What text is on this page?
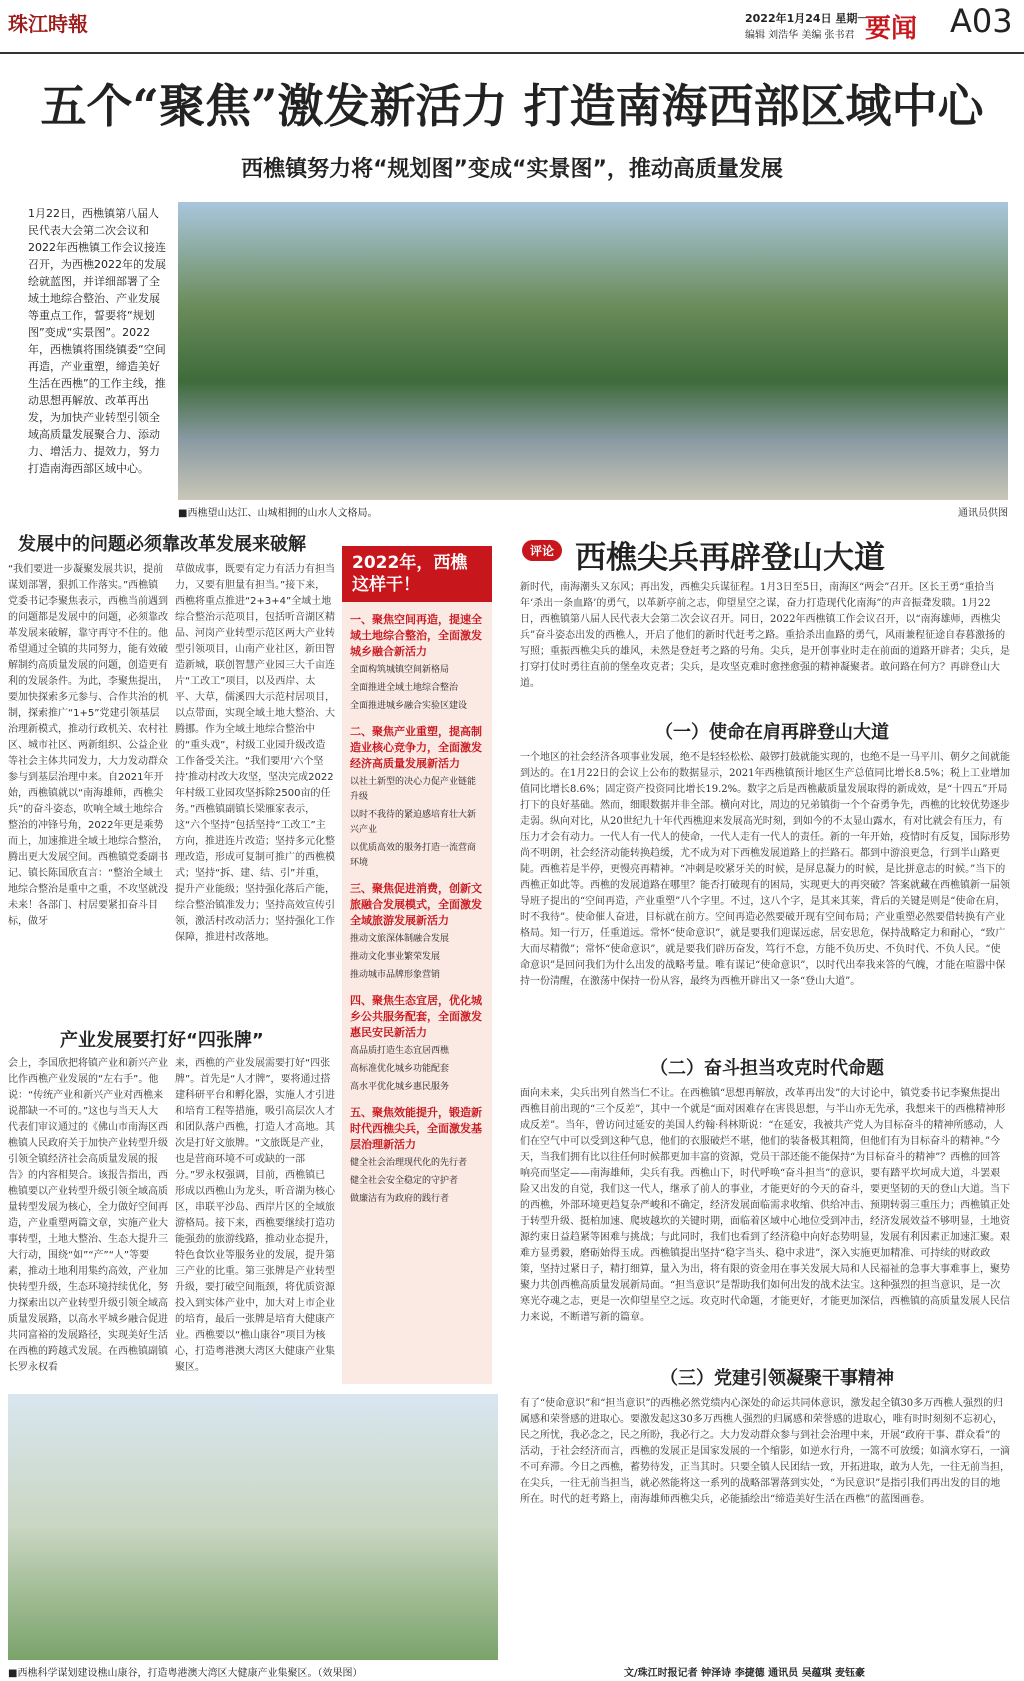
珠江時報	2022年1月24日 星期一
编辑 刘浩华 美编 张书君 要闻 A03
五个“聚焦”激发新活力 打造南海西部区域中心
西樵镇努力将“规划图”变成“实景图”，推动高质量发展
1月22日，西樵镇第八届人民代表大会第二次会议和2022年西樵镇工作会议接连召开，为西樵2022年的发展绘就蓝图，并详细部署了全域土地综合整治、产业发展等重点工作，誓要将“规划图”变成“实景图”。2022年，西樵镇将围绕镇委“空间再造，产业重塑，缔造美好生活在西樵”的工作主线，推动思想再解放、改革再出发，为加快产业转型引领全域高质量发展聚合力、添动力、增活力、提效力，努力打造南海西部区域中心。
■西樵望山达江、山城相拥的山水人文格局。	通讯员供图
发展中的问题必须靠改革发展来破解
“我们要进一步凝聚发展共识，提前谋划部署，狠抓工作落实。”西樵镇党委书记李聚焦表示，西樵当前遇到的问题都是发展中的问题，必须靠改革发展来破解，靠守再守不住的。他希望通过全镇的共同努力，能有效破解制约高质量发展的问题，创造更有利的发展条件。为此，李聚焦提出，要加快探索多元参与、合作共治的机制，探索推广“1+5”党建引领基层治理新模式，推动行政机关、农村社区、城市社区、两新组织、公益企业等社会主体共同发力，大力发动群众参与到基层治理中来。自2021年开始，西樵镇就以“南海雄师，西樵尖兵”的奋斗姿态，吹响全域土地综合整治的冲锋号角，2022年更是乘势而上，加速推进全域土地综合整治，腾出更大发展空间。西樵镇党委副书记、镇长陈国欣直言：“整治全域土地综合整治是重中之重，不攻坚就没未来！各部门、村居要紧扣奋斗目标，做牙
草做成事，既要有定力有活力有担当力，又要有胆量有担当。”接下来，西樵将重点推进“2+3+4”全域土地综合整治示范项目，包括听音湖区精品、河岗产业转型示范区两大产业转型引领项目，山南产业社区，新田智造新城，联创智慧产业园三大千亩连片“工改工”项目，以及西岸、太平、大草，儒溪四大示范村居项目，以点带面，实现全域土地大整治、大腾挪。作为全域土地综合整治中的“重头戏”，村级工业园升级改造工作备受关注。“我们要用‘六个坚持’推动村改大攻坚，坚决完成2022年村级工业园攻坚拆除2500亩的任务。”西樵镇副镇长梁雁家表示，这“六个坚持”包括坚持“工改工”主方向，推进连片改造；坚持多元化整理改造，形成可复制可推广的西樵模式；坚持“拆、建、结、引”并重，提升产业能级；坚持强化落后产能，综合整治镇准发力；坚持高效宣传引领，激活村改动活力；坚持强化工作保障，推进村改落地。
产业发展要打好“四张牌”
会上，李国欣把将镇产业和新兴产业比作西樵产业发展的“左右手”。他说：“传统产业和新兴产业对西樵来说都缺一不可的。”这也与当天人大代表们审议通过的《佛山市南海区西樵镇人民政府关于加快产业转型升级引领全镇经济社会高质量发展的报告》的内容相契合。该报告指出，西樵镇要以产业转型升级引领全域高质量转型发展为核心，全力做好空间再造，产业重塑两篇文章，实施产业大事转型，土地大整治、生态大提升三大行动，围绕“如”“产”“人”等要素，推动土地利用集约高效，产业加快转型升级，生态环境持续优化，努力探索出以产业转型升级引领全域高质量发展路，以高水平城乡融合促进共同富裕的发展路径，实现美好生活在西樵的跨越式发展。在西樵镇副镇长罗永权看
来，西樵的产业发展需要打好“四张牌”。首先是“人才牌”，要将通过搭建科研平台和孵化器，实施人才引进和培育工程等措施，吸引高层次人才和团队落户西樵，打造人才高地。其次是打好文旅牌。“文旅既是产业，也是营商环境不可或缺的一部分。”罗永权强调，目前，西樵镇已形成以西樵山为龙头，听音湖为核心区，串联平沙岛、西岸片区的全域旅游格局。接下来，西樵要继续打造功能强劲的旅游线路，推动业态提升，特色食饮业等服务业的发展，提升第三产业的比重。第三张牌是产业转型升级，要打破空间瓶颈，将优质资源投入到实体产业中，加大对上市企业的培育，最后一张牌是培育大健康产业。西樵要以“樵山康谷”项目为核心，打造粤港澳大湾区大健康产业集聚区。
2022年，西樵这样干！
一、聚焦空间再造，提速全域土地综合整治，全面激发城乡融合新活力
全面构筑城镇空间新格局
全面推进全域土地综合整治
全面推进城乡融合实验区建设
二、聚焦产业重塑，提高制造业核心竞争力，全面激发经济高质量发展新活力
以社土新型的决心力促产业链能升级
以时不我待的紧迫感培育壮大新兴产业
以优质高效的服务打造一流营商环境
三、聚焦促进消费，创新文旅融合发展模式，全面激发全域旅游发展新活力
推动文旅深体制融合发展
推动文化事业繁荣发展
推动城市品牌形象营销
四、聚焦生态宜居，优化城乡公共服务配套，全面激发惠民安民新活力
高品质打造生态宜居西樵
高标准优化城乡功能配套
高水平优化城乡惠民服务
五、聚焦效能提升，锻造新时代西樵尖兵，全面激发基层治理新活力
健全社会治理现代化的先行者
健全社会安全稳定的守护者
做廉洁有为政府的践行者
评论 西樵尖兵再辟登山大道
新时代，南海潮头又东风；再出发，西樵尖兵谋征程。1月3日至5日，南海区“两会”召开。区长王勇“重拾当年‘杀出一条血路’的勇气，以革新亭前之志，仰望星空之谋，奋力打造现代化南海”的声音振聋发聩。1月22日，西樵镇第八届人民代表大会第二次会议召开。同日，2022年西樵镇工作会议召开，以“南海雄师，西樵尖兵”奋斗姿态出发的西樵人，开启了他们的新时代赶考之路。重拾杀出血路的勇气，风雨兼程征途自春暮激扬的写照；重振西樵尖兵的雄风，未然是登赶考之路的号角。尖兵，是开创事业时走在前面的道路开辟者；尖兵，是打穿打仗时勇往直前的堡垒攻克者；尖兵，是攻坚克难时愈挫愈强的精神凝聚者。敢问路在何方？再辟登山大道。
（一）使命在肩再辟登山大道
一个地区的社会经济各项事业发展，绝不是轻轻松松、敲锣打鼓就能实现的，也绝不是一马平川、朝夕之间就能到达的。在1月22日的会议上公布的数据显示，2021年西樵镇预计地区生产总值同比增长8.5%；税上工业增加值同比增长8.6%；固定资产投资同比增长19.2%。数字之后是西樵蔽质量发展取得的新成效，是“十四五”开局打下的良好基础。然而，细眼数据并非全部。横向对比，周边的兄弟镇街一个个奋勇争先，西樵的比较优势逐步走弱。纵向对比，从20世纪九十年代西樵迎来发展高光时刻，到如今的不太显山露水，有对比就会有压力，有压力才会有动力。一代人有一代人的使命，一代人走有一代人的责任。新的一年开始，疫情时有反复，国际形势尚不明朗，社会经济动能转换趋缓，尤不成为对下西樵发展道路上的拦路石。都到中游浪更急，行到半山路更陡。西樵若是半停，更慢亮再精神。“冲刺是咬紧牙关的时候，是屏息凝力的时候，是比拼意志的时候。”当下的西樵正如此等。西樵的发展道路在哪里？能否打破现有的困局，实现更大的再突破？答案就藏在西樵镇新一届领导班子提出的“空间再造，产业重塑”八个字里。不过，这八个字，是其来其莱，背后的关键是则是“使命在肩，时不我待”。使命催人奋进，目标就在前方。空间再造必然要破开现有空间布局；产业重塑必然要借转换有产业格局。知一行万，任重道远。常怀“使命意识”，就是要我们迎谋远虑，居安思危，保持战略定力和耐心，“致广大而尽精微”；常怀“使命意识”，就是要我们辟历奋发，笃行不怠，方能不负历史、不负时代、不负人民。“使命意识”是回问我们为什么出发的战略考量。唯有谋记“使命意识”，以时代出奉我来答的气魄，才能在喧嚣中保持一份清醒，在激荡中保持一份从容，最终为西樵开辟出又一条“登山大道”。
（二）奋斗担当攻克时代命题
面向未来，尖兵出列自然当仁不让。在西樵镇“思想再解放，改革再出发”的大讨论中，镇党委书记李聚焦提出西樵目前出现的“三个反差”，其中一个就是“面对困难存在害畏思想，与半山亦无先承，我想来干的西樵精神形成反差”。当年，曾访问过延安的美国人约翰·科林斯说：“在延安，我被共产党人为目标奋斗的精神所感动，人们在空气中可以受到这种气息，他们的衣服破烂不堪，他们的装备极其粗简，但他们有为目标奋斗的精神。”今天，当我们拥有比以往任何时候都更加丰富的资源，党员干部还能不能保持“为目标奋斗的精神”？西樵的回答响亮而坚定——南海雄师，尖兵有我。西樵山下，时代呼唤“奋斗担当”的意识，要有踏平坎坷成大道，斗罢艰险又出发的自觉，我们这一代人，继承了前人的事业，才能更好的今天的奋斗，要更坚韧的天的登山大道。当下的西樵，外部环境更趋复杂严峻和不确定，经济发展面临需求收缩、供给冲击、预期转弱三重压力；西樵镇正处于转型升级、挺柏加速、爬坡越坎的关键时期，面临着区域中心地位受到冲击，经济发展效益不够明显，土地资源约束日益趋紧等困难与挑战；与此同时，我们也看到了经济稳中向好态势明显，发展有利因素正加速汇聚。艰难方显勇毅，磨砺始得玉成。西樵镇提出坚持“稳字当头、稳中求进”，深入实施更加精准、可持续的财政政策，坚持过紧日子，精打细算，量入为出，将有限的资金用在事关发展大局和人民福祉的急事大事难事上，聚势聚力共创西樵高质量发展新局面。“担当意识”是帮助我们如何出发的战术法宝。这种强烈的担当意识，是一次寒光夺魂之志，更是一次仰望星空之远。攻克时代命题，才能更好，才能更加深信，西樵镇的高质量发展人民信力来说，不断谱写新的篇章。
（三）党建引领凝聚干事精神
有了“使命意识”和“担当意识”的西樵必然党绩内心深处的命运共同体意识，激发起全镇30多万西樵人强烈的归属感和荣誉感的进取心。要激发起这30多万西樵人强烈的归属感和荣誉感的进取心，唯有时时刻刻不忘初心，民之所忧，我必念之，民之所盼，我必行之。大力发动群众参与到社会治理中来，开展“政府干事、群众看”的活动，于社会经济而言，西樵的发展正是国家发展的一个缩影，如逆水行舟，一篙不可放缓；如滴水穿石，一滴不可弃滞。今日之西樵，蓄势待发，正当其时。只要全镇人民团结一致，开拓进取，敢为人先，一往无前当担，在尖兵，一往无前当担当，就必然能将这一系列的战略部署落到实处，“为民意识”是指引我们再出发的目的地所在。时代的赶考路上，南海雄师西樵尖兵，必能插绘出“缔造美好生活在西樵”的蓝图画卷。
■西樵科学谋划建设樵山康谷，打造粤港澳大湾区大健康产业集聚区。（效果图）	文/珠江时报记者 钟泽诗 李捷德 通讯员 吴蕴琪 麦钰豪
